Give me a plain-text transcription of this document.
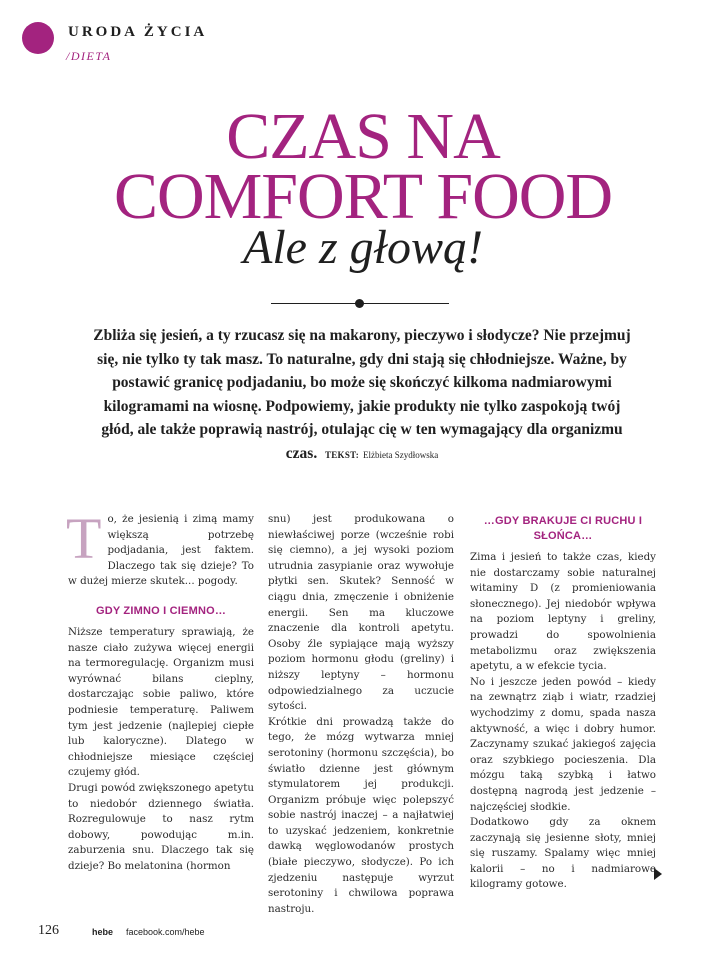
URODA ŻYCIA
/DIETA
CZAS NA
COMFORT FOOD
Ale z głową!
Zbliża się jesień, a ty rzucasz się na makarony, pieczywo i słodycze? Nie przejmuj się, nie tylko ty tak masz. To naturalne, gdy dni stają się chłodniejsze. Ważne, by postawić granicę podjadaniu, bo może się skończyć kilkoma nadmiarowymi kilogramami na wiosnę. Podpowiemy, jakie produkty nie tylko zaspokoją twój głód, ale także poprawią nastrój, otulając cię w ten wymagający dla organizmu czas. TEKST: Elżbieta Szydłowska

T o, że jesienią i zimą mamy większą potrzebę podjadania, jest faktem. Dlaczego tak się dzieje? To w dużej mierze skutek... pogody.

GDY ZIMNO I CIEMNO…

Niższe temperatury sprawiają, że nasze ciało zużywa więcej energii na termoregulację. Organizm musi wyrównać bilans cieplny, dostarczając sobie paliwo, które podniesie temperaturę. Paliwem tym jest jedzenie (najlepiej ciepłe lub kaloryczne). Dlatego w chłodniejsze miesiące częściej czujemy głód.

Drugi powód zwiększonego apetytu to niedobór dziennego światła. Rozregulowuje to nasz rytm dobowy, powodując m.in. zaburzenia snu. Dlaczego tak się dzieje? Bo melatonina (hormon

snu) jest produkowana o niewłaściwej porze (wcześnie robi się ciemno), a jej wysoki poziom utrudnia zasypianie oraz wywołuje płytki sen. Skutek? Senność w ciągu dnia, zmęczenie i obniżenie energii. Sen ma kluczowe znaczenie dla kontroli apetytu. Osoby źle sypiające mają wyższy poziom hormonu głodu (greliny) i niższy leptyny – hormonu odpowiedzialnego za uczucie sytości.

Krótkie dni prowadzą także do tego, że mózg wytwarza mniej serotoniny (hormonu szczęścia), bo światło dzienne jest głównym stymulatorem jej produkcji. Organizm próbuje więc polepszyć sobie nastrój inaczej – a najłatwiej to uzyskać jedzeniem, konkretnie dawką węglowodanów prostych (białe pieczywo, słodycze). Po ich zjedzeniu następuje wyrzut serotoniny i chwilowa poprawa nastroju.

…GDY BRAKUJE CI RUCHU I SŁOŃCA…

Zima i jesień to także czas, kiedy nie dostarczamy sobie naturalnej witaminy D (z promieniowania słonecznego). Jej niedobór wpływa na poziom leptyny i greliny, prowadzi do spowolnienia metabolizmu oraz zwiększenia apetytu, a w efekcie tycia.

No i jeszcze jeden powód – kiedy na zewnątrz ziąb i wiatr, rzadziej wychodzimy z domu, spada nasza aktywność, a więc i dobry humor. Zaczynamy szukać jakiegoś zajęcia oraz szybkiego pocieszenia. Dla mózgu taką szybką i łatwo dostępną nagrodą jest jedzenie – najczęściej słodkie.

Dodatkowo gdy za oknem zaczynają się jesienne słoty, mniej się ruszamy. Spalamy więc mniej kalorii – no i nadmiarowe kilogramy gotowe.

126	hebe facebook.com/hebe
